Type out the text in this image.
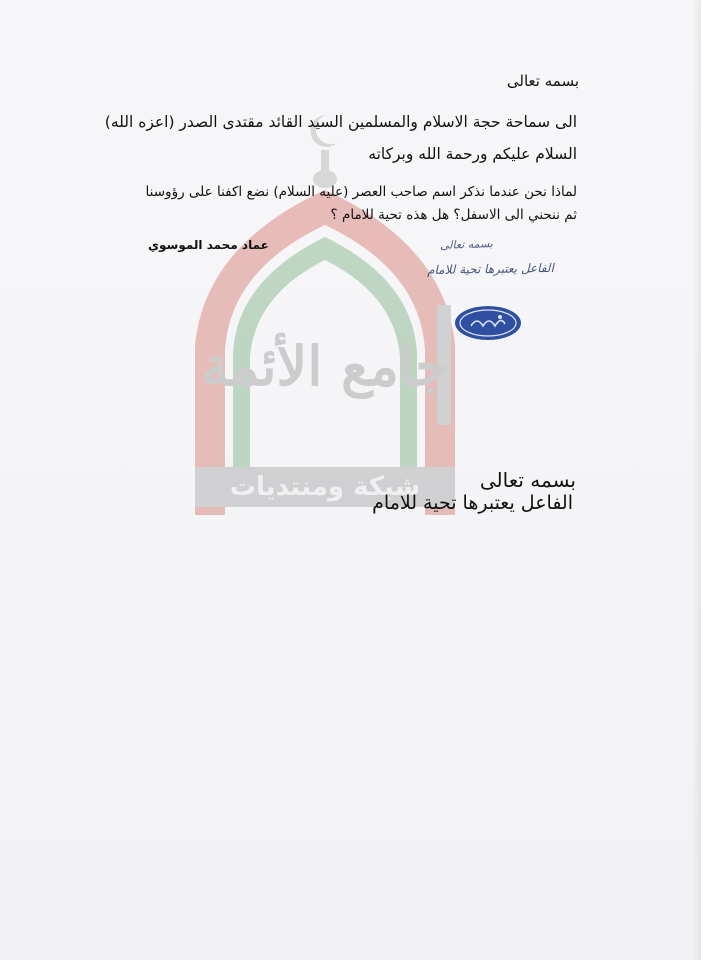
جامع الأئمة
شبكة ومنتديات
بسمه تعالى
الى سماحة حجة الاسلام والمسلمين السيد القائد مقتدى الصدر (اعزه الله)
السلام عليكم ورحمة الله وبركاته
لماذا نحن عندما نذكر اسم صاحب العصر (عليه السلام) نضع اكفنا على رؤوسنا
ثم ننحني الى الاسفل؟ هل هذه تحية للامام ؟
عماد محمد الموسوي	بسمه تعالى
الفاعل يعتبرها تحية للامام
بسمه تعالى
الفاعل يعتبرها تحية للامام
